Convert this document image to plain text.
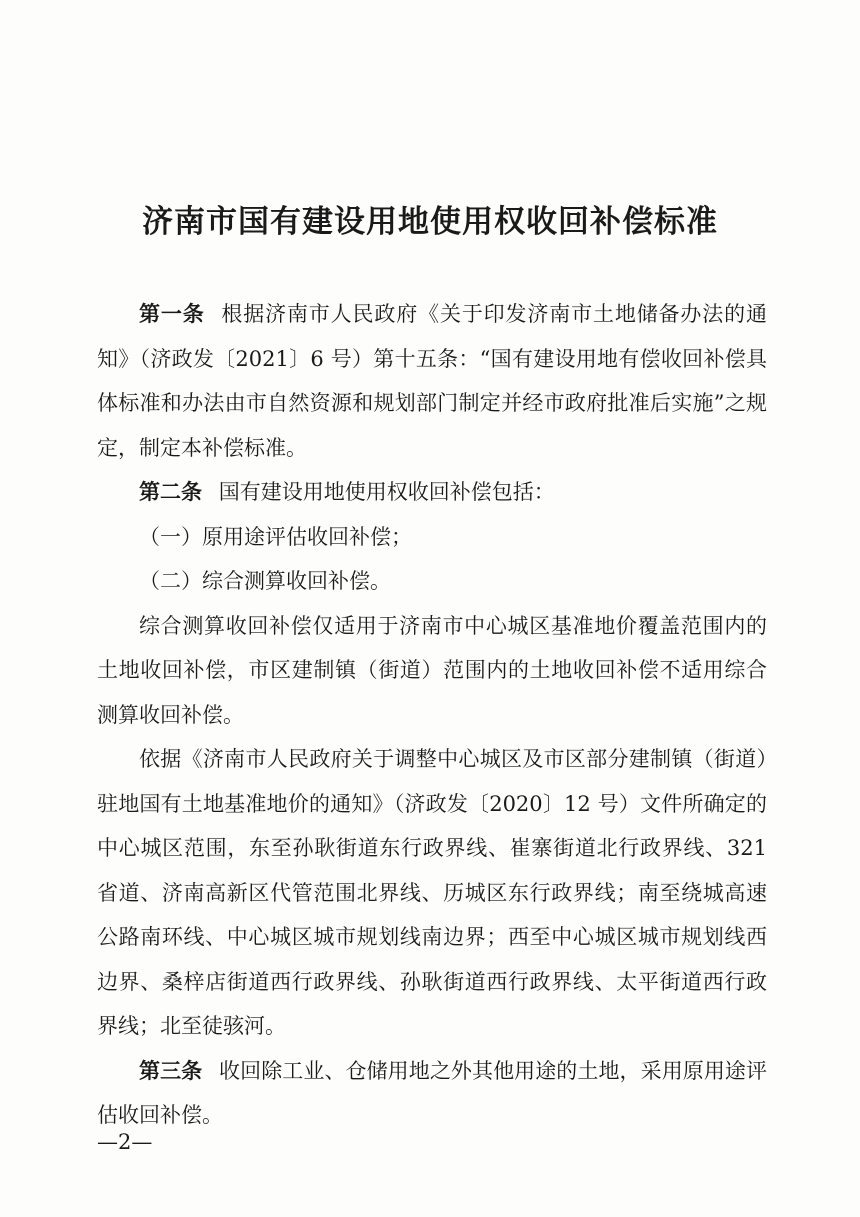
济南市国有建设用地使用权收回补偿标准

第一条 根据济南市人民政府《关于印发济南市土地储备办法的通知》（济政发〔2021〕6 号）第十五条：“国有建设用地有偿收回补偿具体标准和办法由市自然资源和规划部门制定并经市政府批准后实施”之规定，制定本补偿标准。

第二条 国有建设用地使用权收回补偿包括：

（一）原用途评估收回补偿；

（二）综合测算收回补偿。

综合测算收回补偿仅适用于济南市中心城区基准地价覆盖范围内的土地收回补偿，市区建制镇（街道）范围内的土地收回补偿不适用综合测算收回补偿。

依据《济南市人民政府关于调整中心城区及市区部分建制镇（街道）驻地国有土地基准地价的通知》（济政发〔2020〕12 号）文件所确定的中心城区范围，东至孙耿街道东行政界线、崔寨街道北行政界线、321 省道、济南高新区代管范围北界线、历城区东行政界线；南至绕城高速公路南环线、中心城区城市规划线南边界；西至中心城区城市规划线西边界、桑梓店街道西行政界线、孙耿街道西行政界线、太平街道西行政界线；北至徒骇河。

第三条 收回除工业、仓储用地之外其他用途的土地，采用原用途评估收回补偿。

—2—
